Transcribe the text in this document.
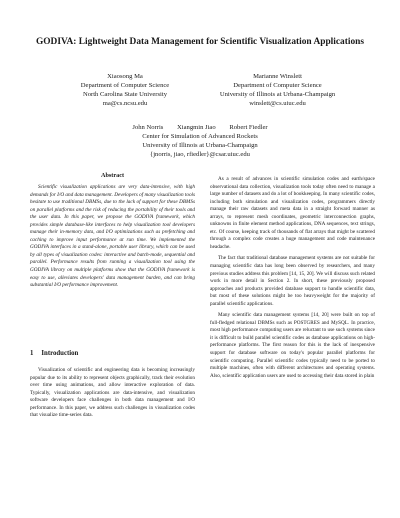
GODIVA: Lightweight Data Management for Scientific Visualization Applications
Xiaosong Ma
Department of Computer Science
North Carolina State University
ma@cs.ncsu.edu
Marianne Winslett
Department of Computer Science
University of Illinois at Urbana-Champaign
winslett@cs.uiuc.edu
John Norris Xiangmin Jiao Robert Fiedler
Center for Simulation of Advanced Rockets
University of Illinois at Urbana-Champaign
{jnorris, jiao, rfiedler}@csar.uiuc.edu
Abstract

Scientific visualization applications are very data-intensive, with high demands for I/O and data management. Developers of many visualization tools hesitate to use traditional DBMSs, due to the lack of support for these DBMSs on parallel platforms and the risk of reducing the portability of their tools and the user data. In this paper, we propose the GODIVA framework, which provides simple database-like interfaces to help visualization tool developers manage their in-memory data, and I/O optimizations such as prefetching and caching to improve input performance at run time. We implemented the GODIVA interfaces in a stand-alone, portable user library, which can be used by all types of visualization codes: interactive and batch-mode, sequential and parallel. Performance results from running a visualization tool using the GODIVA library on multiple platforms show that the GODIVA framework is easy to use, alleviates developers' data management burden, and can bring substantial I/O performance improvement.

1 Introduction

Visualization of scientific and engineering data is becoming increasingly popular due to its ability to represent objects graphically, track their evolution over time using animations, and allow interactive exploration of data. Typically, visualization applications are data-intensive, and visualization software developers face challenges in both data management and I/O performance. In this paper, we address such challenges in visualization codes that visualize time-series data.

As a result of advances in scientific simulation codes and earth/space observational data collection, visualization tools today often need to manage a large number of datasets and do a lot of bookkeeping. In many scientific codes, including both simulation and visualization codes, programmers directly manage their raw datasets and meta data in a straight forward manner as arrays, to represent mesh coordinates, geometric interconnection graphs, unknowns in finite element method applications, DNA sequences, text strings, etc. Of course, keeping track of thousands of flat arrays that might be scattered through a complex code creates a huge management and code maintenance headache.

The fact that traditional database management systems are not suitable for managing scientific data has long been observed by researchers, and many previous studies address this problem [14, 15, 20]. We will discuss such related work in more detail in Section 2. In short, these previously proposed approaches and products provided database support to handle scientific data, but most of these solutions might be too heavyweight for the majority of parallel scientific applications.

Many scientific data management systems [14, 20] were built on top of full-fledged relational DBMSs such as POSTGRES and MySQL. In practice, most high performance computing users are reluctant to use such systems since it is difficult to build parallel scientific codes as database applications on high-performance platforms. The first reason for this is the lack of inexpensive support for database software on today's popular parallel platforms for scientific computing. Parallel scientific codes typically need to be ported to multiple machines, often with different architectures and operating systems. Also, scientific application users are used to accessing their data stored in plain
